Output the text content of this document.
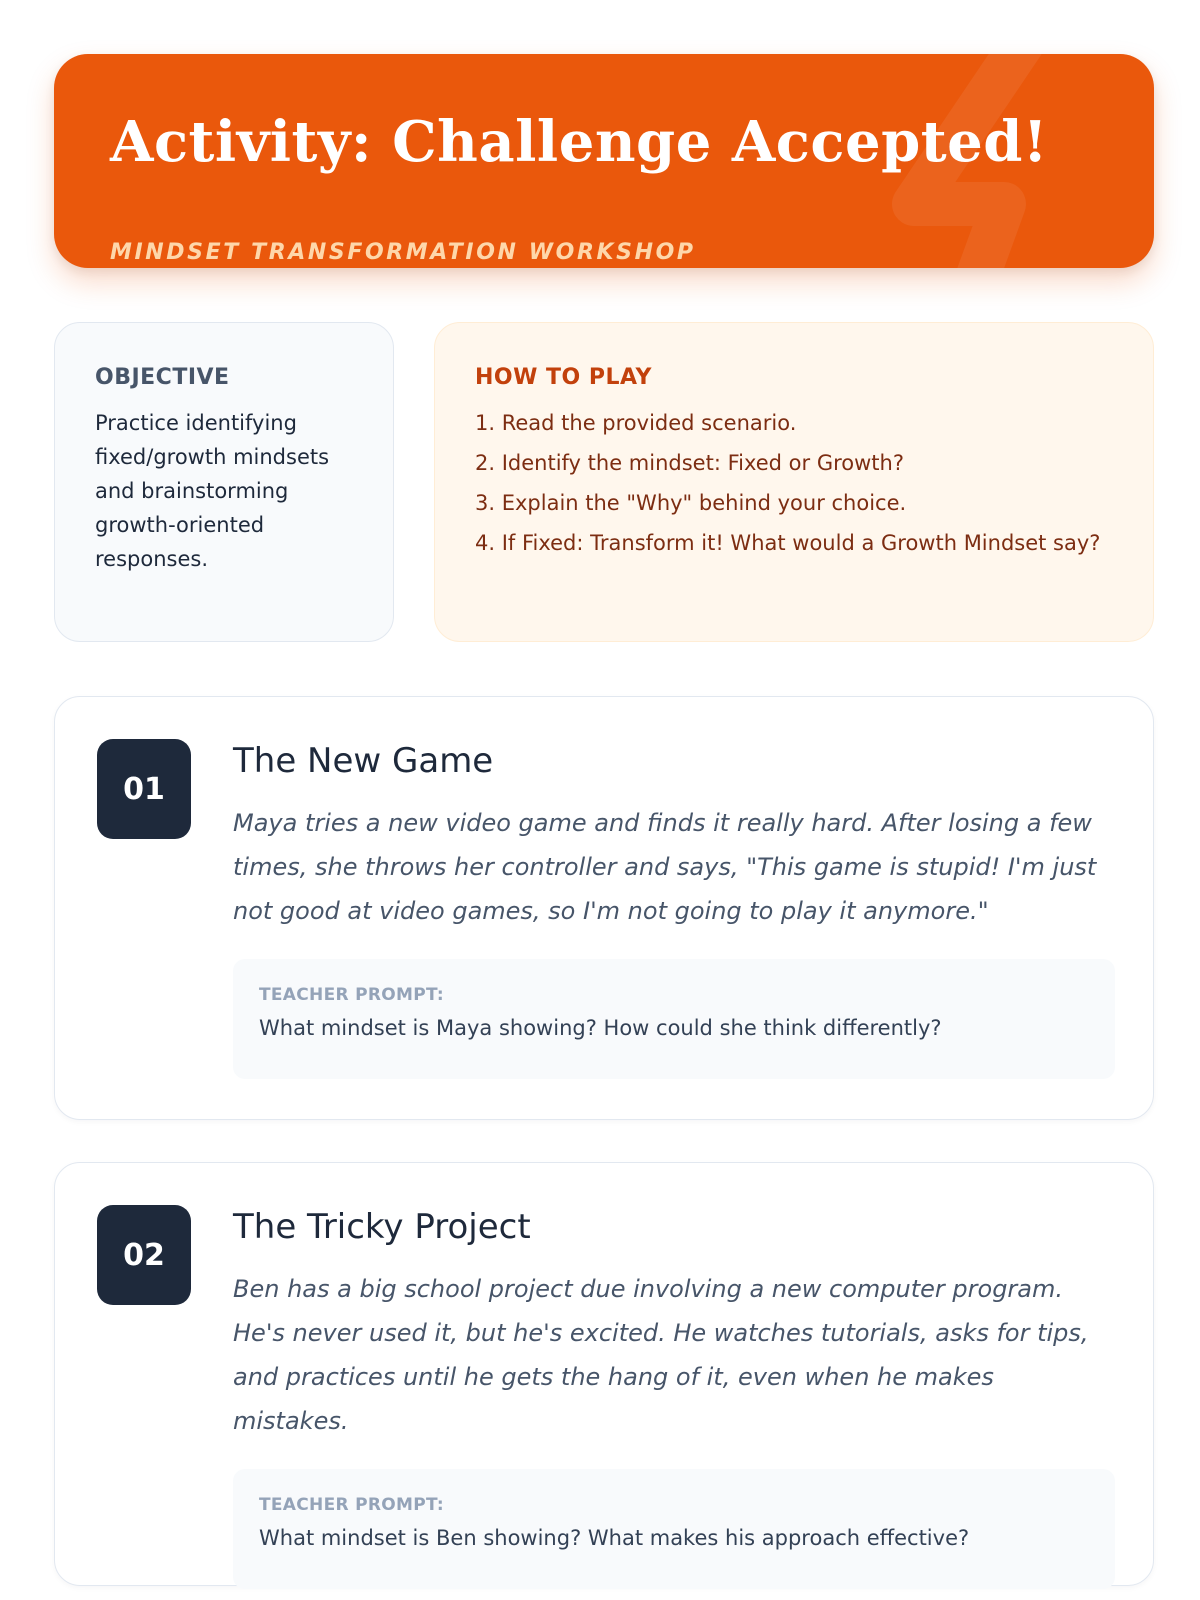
Activity: Challenge Accepted!
MINDSET TRANSFORMATION WORKSHOP
OBJECTIVE
Practice identifying fixed/growth mindsets and brainstorming growth-oriented responses.
HOW TO PLAY
1. Read the provided scenario.
2. Identify the mindset: Fixed or Growth?
3. Explain the "Why" behind your choice.
4. If Fixed: Transform it! What would a Growth Mindset say?
01
The New Game

Maya tries a new video game and finds it really hard. After losing a few times, she throws her controller and says, "This game is stupid! I'm just not good at video games, so I'm not going to play it anymore."

TEACHER PROMPT:
What mindset is Maya showing? How could she think differently?
02
The Tricky Project

Ben has a big school project due involving a new computer program. He's never used it, but he's excited. He watches tutorials, asks for tips, and practices until he gets the hang of it, even when he makes mistakes.

TEACHER PROMPT:
What mindset is Ben showing? What makes his approach effective?
